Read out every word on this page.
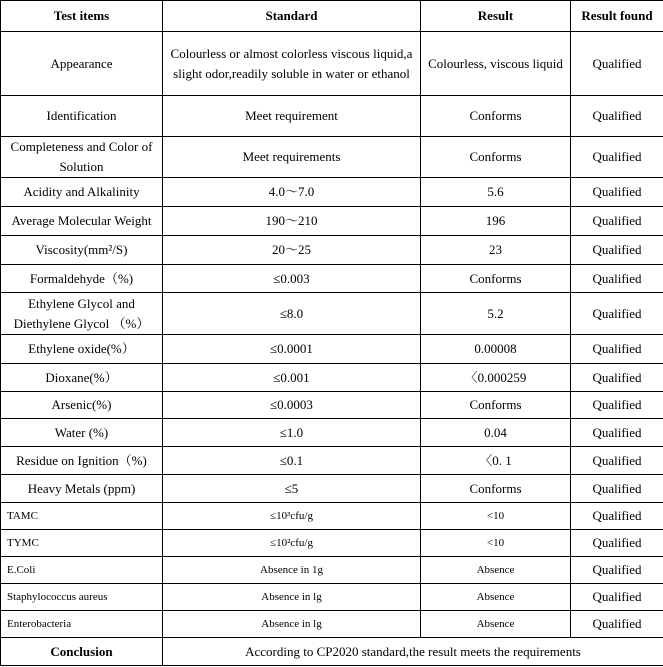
Test items	Standard	Result	Result found
Appearance	Colourless or almost colorless viscous liquid,a slight odor,readily soluble in water or ethanol	Colourless, viscous liquid	Qualified
Identification	Meet requirement	Conforms	Qualified
Completeness and Color of Solution	Meet requirements	Conforms	Qualified
Acidity and Alkalinity	4.0～7.0	5.6	Qualified
Average Molecular Weight	190～210	196	Qualified
Viscosity(mm²/S)	20～25	23	Qualified
Formaldehyde（%)	≤0.003	Conforms	Qualified
Ethylene Glycol and Diethylene Glycol （%）	≤8.0	5.2	Qualified
Ethylene oxide(%）	≤0.0001	0.00008	Qualified
Dioxane(%）	≤0.001	〈0.000259	Qualified
Arsenic(%)	≤0.0003	Conforms	Qualified
Water (%)	≤1.0	0.04	Qualified
Residue on Ignition（%)	≤0.1	〈0. 1	Qualified
Heavy Metals (ppm)	≤5	Conforms	Qualified
TAMC	≤10³cfu/g	<10	Qualified
TYMC	≤10²cfu/g	<10	Qualified
E.Coli	Absence in 1g	Absence	Qualified
Staphylococcus aureus	Absence in lg	Absence	Qualified
Enterobacteria	Absence in lg	Absence	Qualified
Conclusion	According to CP2020 standard,the result meets the requirements		
